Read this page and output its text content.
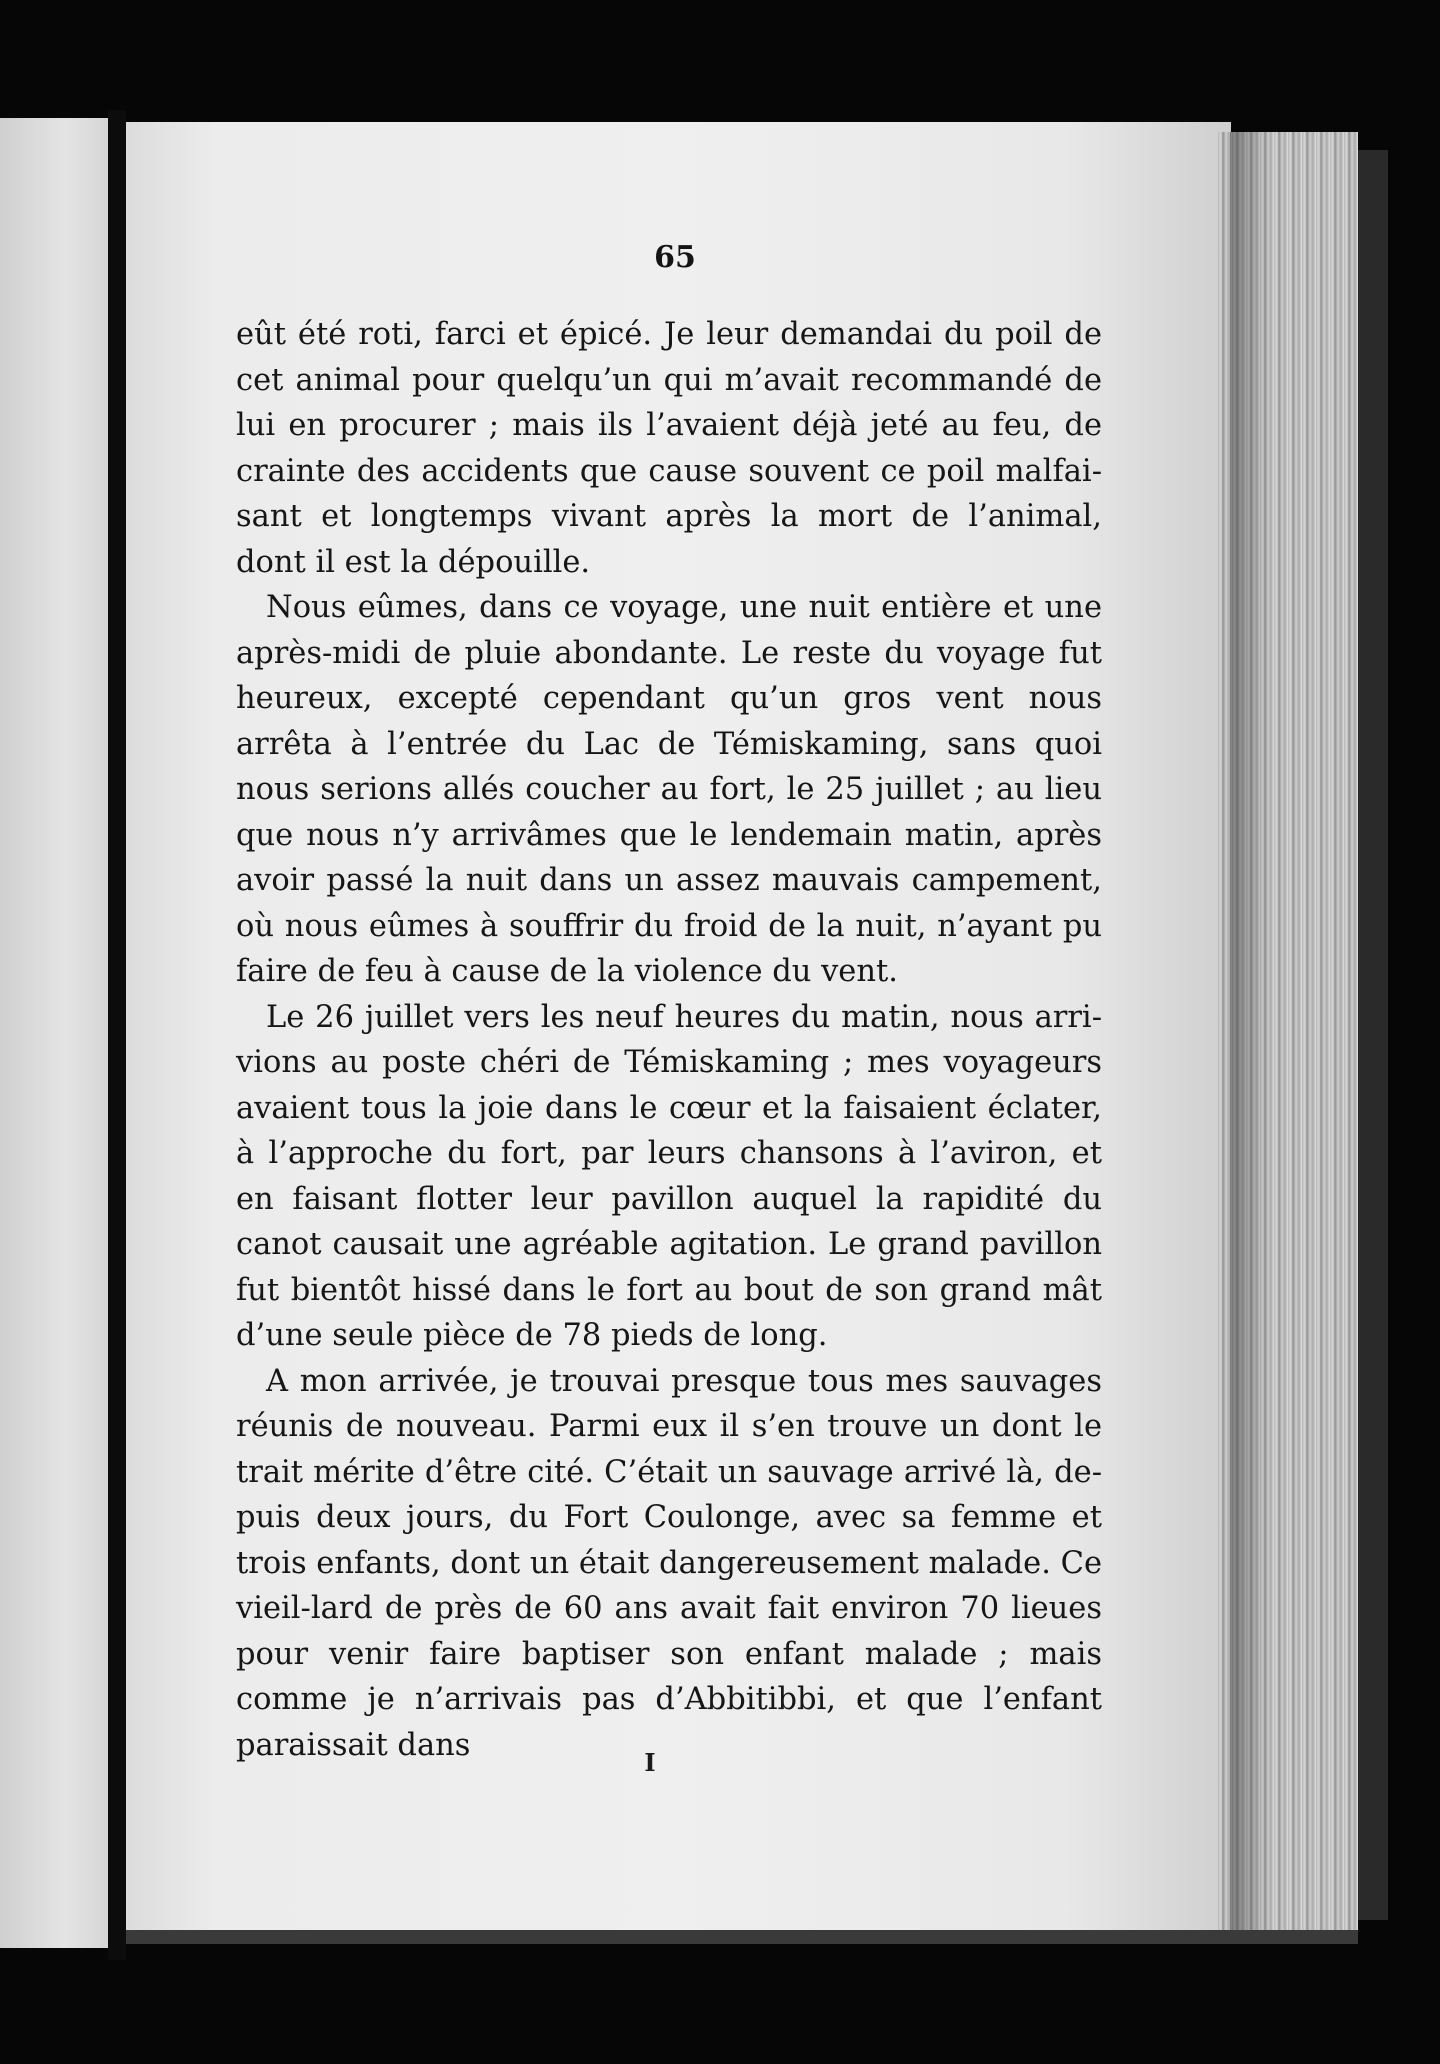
65

eût été roti, farci et épicé. Je leur demandai du poil de cet animal pour quelqu’un qui m’avait recommandé de lui en procurer ; mais ils l’avaient déjà jeté au feu, de crainte des accidents que cause souvent ce poil malfai-sant et longtemps vivant après la mort de l’animal, dont il est la dépouille.

Nous eûmes, dans ce voyage, une nuit entière et une après-midi de pluie abondante. Le reste du voyage fut heureux, excepté cependant qu’un gros vent nous arrêta à l’entrée du Lac de Témiskaming, sans quoi nous serions allés coucher au fort, le 25 juillet ; au lieu que nous n’y arrivâmes que le lendemain matin, après avoir passé la nuit dans un assez mauvais campement, où nous eûmes à souffrir du froid de la nuit, n’ayant pu faire de feu à cause de la violence du vent.

Le 26 juillet vers les neuf heures du matin, nous arri-vions au poste chéri de Témiskaming ; mes voyageurs avaient tous la joie dans le cœur et la faisaient éclater, à l’approche du fort, par leurs chansons à l’aviron, et en faisant flotter leur pavillon auquel la rapidité du canot causait une agréable agitation. Le grand pavillon fut bientôt hissé dans le fort au bout de son grand mât d’une seule pièce de 78 pieds de long.

A mon arrivée, je trouvai presque tous mes sauvages réunis de nouveau. Parmi eux il s’en trouve un dont le trait mérite d’être cité. C’était un sauvage arrivé là, de-puis deux jours, du Fort Coulonge, avec sa femme et trois enfants, dont un était dangereusement malade. Ce vieil-lard de près de 60 ans avait fait environ 70 lieues pour venir faire baptiser son enfant malade ; mais comme je n’arrivais pas d’Abbitibbi, et que l’enfant paraissait dans	I
